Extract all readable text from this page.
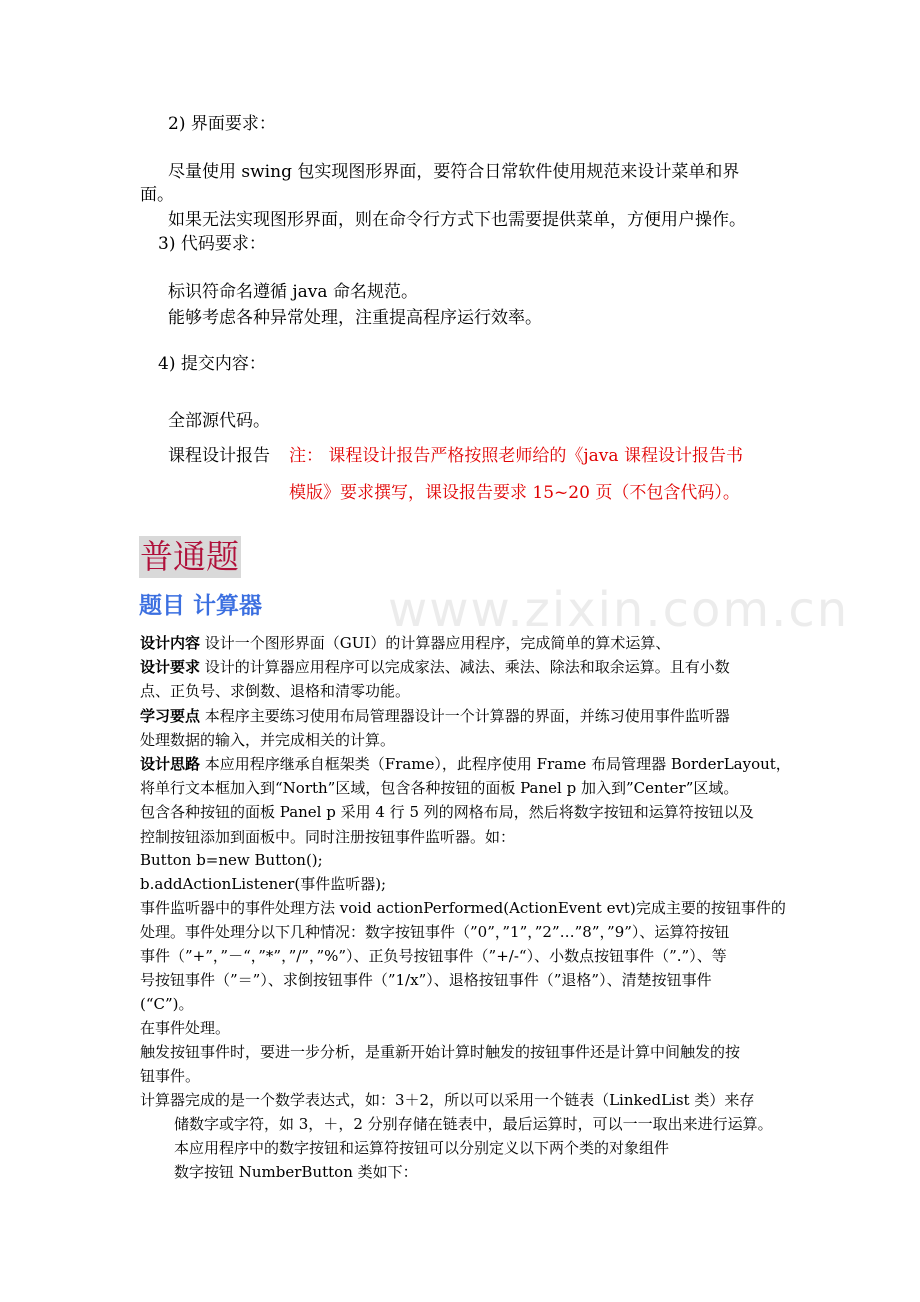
2) 界面要求：
尽量使用 swing 包实现图形界面，要符合日常软件使用规范来设计菜单和界
面。
如果无法实现图形界面，则在命令行方式下也需要提供菜单，方便用户操作。
3) 代码要求：
标识符命名遵循 java 命名规范。
能够考虑各种异常处理，注重提高程序运行效率。
4) 提交内容：
全部源代码。
课程设计报告 注： 课程设计报告严格按照老师给的《java 课程设计报告书
模版》要求撰写，课设报告要求 15~20 页（不包含代码）。
www.zixin.com.cn
普通题
题目 计算器
设计内容 设计一个图形界面（GUI）的计算器应用程序，完成简单的算术运算、
设计要求 设计的计算器应用程序可以完成家法、减法、乘法、除法和取余运算。且有小数
点、正负号、求倒数、退格和清零功能。
学习要点 本程序主要练习使用布局管理器设计一个计算器的界面，并练习使用事件监听器
处理数据的输入，并完成相关的计算。
设计思路 本应用程序继承自框架类（Frame），此程序使用 Frame 布局管理器 BorderLayout，
将单行文本框加入到“North”区域，包含各种按钮的面板 Panel p 加入到”Center”区域。
包含各种按钮的面板 Panel p 采用 4 行 5 列的网格布局，然后将数字按钮和运算符按钮以及
控制按钮添加到面板中。同时注册按钮事件监听器。如：
Button b=new Button();
b.addActionListener(事件监听器);
事件监听器中的事件处理方法 void actionPerformed(ActionEvent evt)完成主要的按钮事件的
处理。事件处理分以下几种情况：数字按钮事件（”0”，”1”，”2”…”8”，”9”）、运算符按钮
事件（”+”，”－“，”*”，”/”，”%”）、正负号按钮事件（”+/-“）、小数点按钮事件（”.”）、等
号按钮事件（”＝”）、求倒按钮事件（”1/x”）、退格按钮事件（”退格”）、清楚按钮事件
(“C”)。
在事件处理。
触发按钮事件时，要进一步分析，是重新开始计算时触发的按钮事件还是计算中间触发的按
钮事件。
计算器完成的是一个数学表达式，如：3＋2，所以可以采用一个链表（LinkedList 类）来存
储数字或字符，如 3，＋，2 分别存储在链表中，最后运算时，可以一一取出来进行运算。
本应用程序中的数字按钮和运算符按钮可以分别定义以下两个类的对象组件
数字按钮 NumberButton 类如下：
